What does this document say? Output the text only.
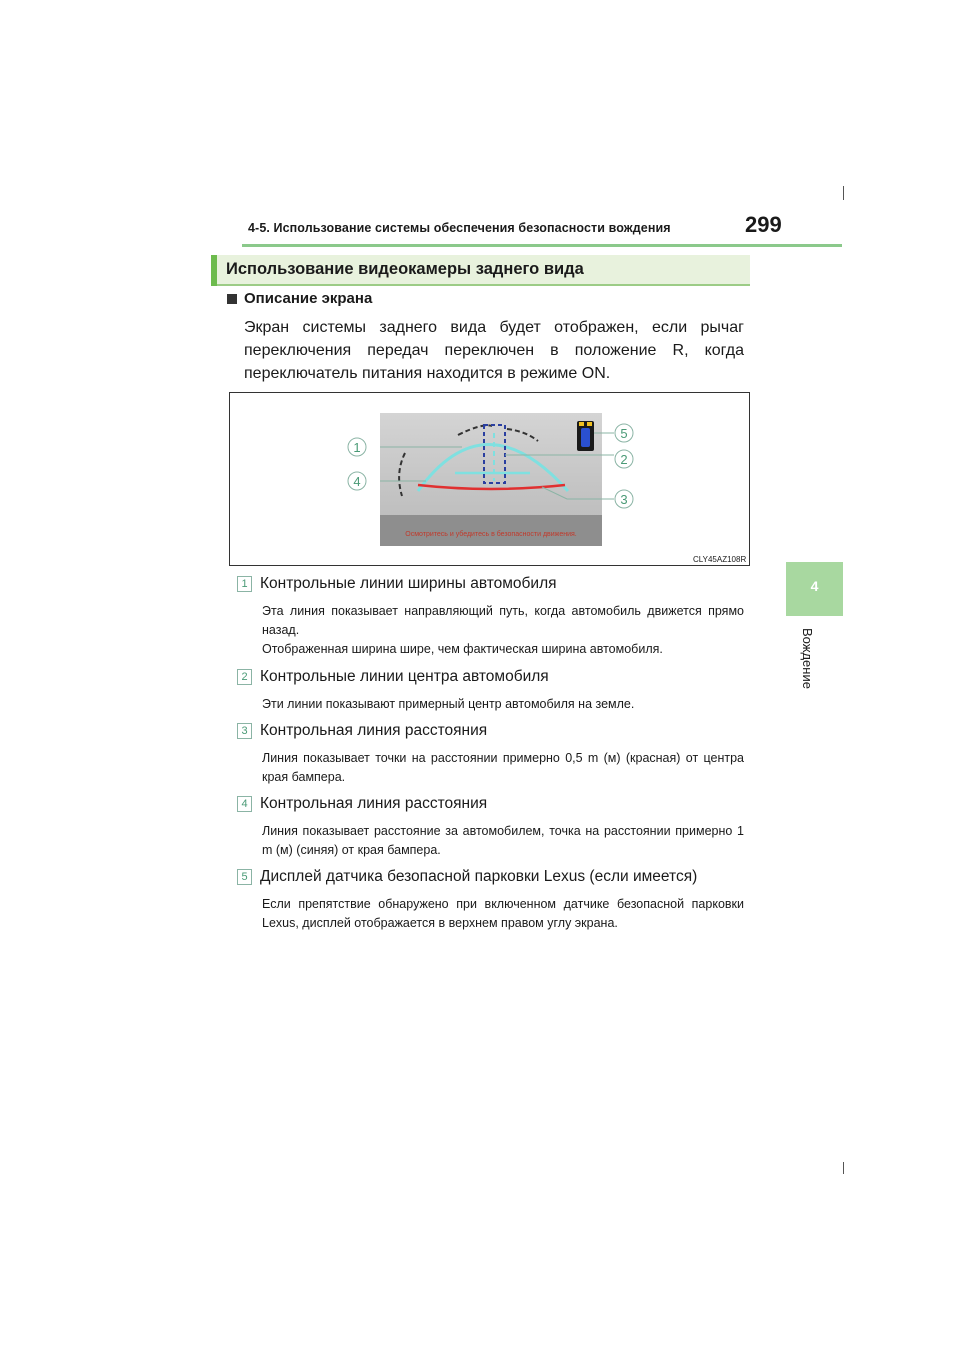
4-5. Использование системы обеспечения безопасности вождения	299
4
Вождение
Использование видеокамеры заднего вида
Описание экрана
Экран системы заднего вида будет отображен, если рычаг переключения передач переключен в положение R, когда переключатель питания находится в режиме ON.
Осмотритесь и убедитесь в безопасности движения.
1
4
5
2
3
CLY45AZ108R
1 Контрольные линии ширины автомобиля
Эта линия показывает направляющий путь, когда автомобиль движется прямо назад.
Отображенная ширина шире, чем фактическая ширина автомобиля.
2 Контрольные линии центра автомобиля
Эти линии показывают примерный центр автомобиля на земле.
3 Контрольная линия расстояния
Линия показывает точки на расстоянии примерно 0,5 m (м) (красная) от центра края бампера.
4 Контрольная линия расстояния
Линия показывает расстояние за автомобилем, точка на расстоянии примерно 1 m (м) (синяя) от края бампера.
5 Дисплей датчика безопасной парковки Lexus (если имеется)
Если препятствие обнаружено при включенном датчике безопасной парковки Lexus, дисплей отображается в верхнем правом углу экрана.
